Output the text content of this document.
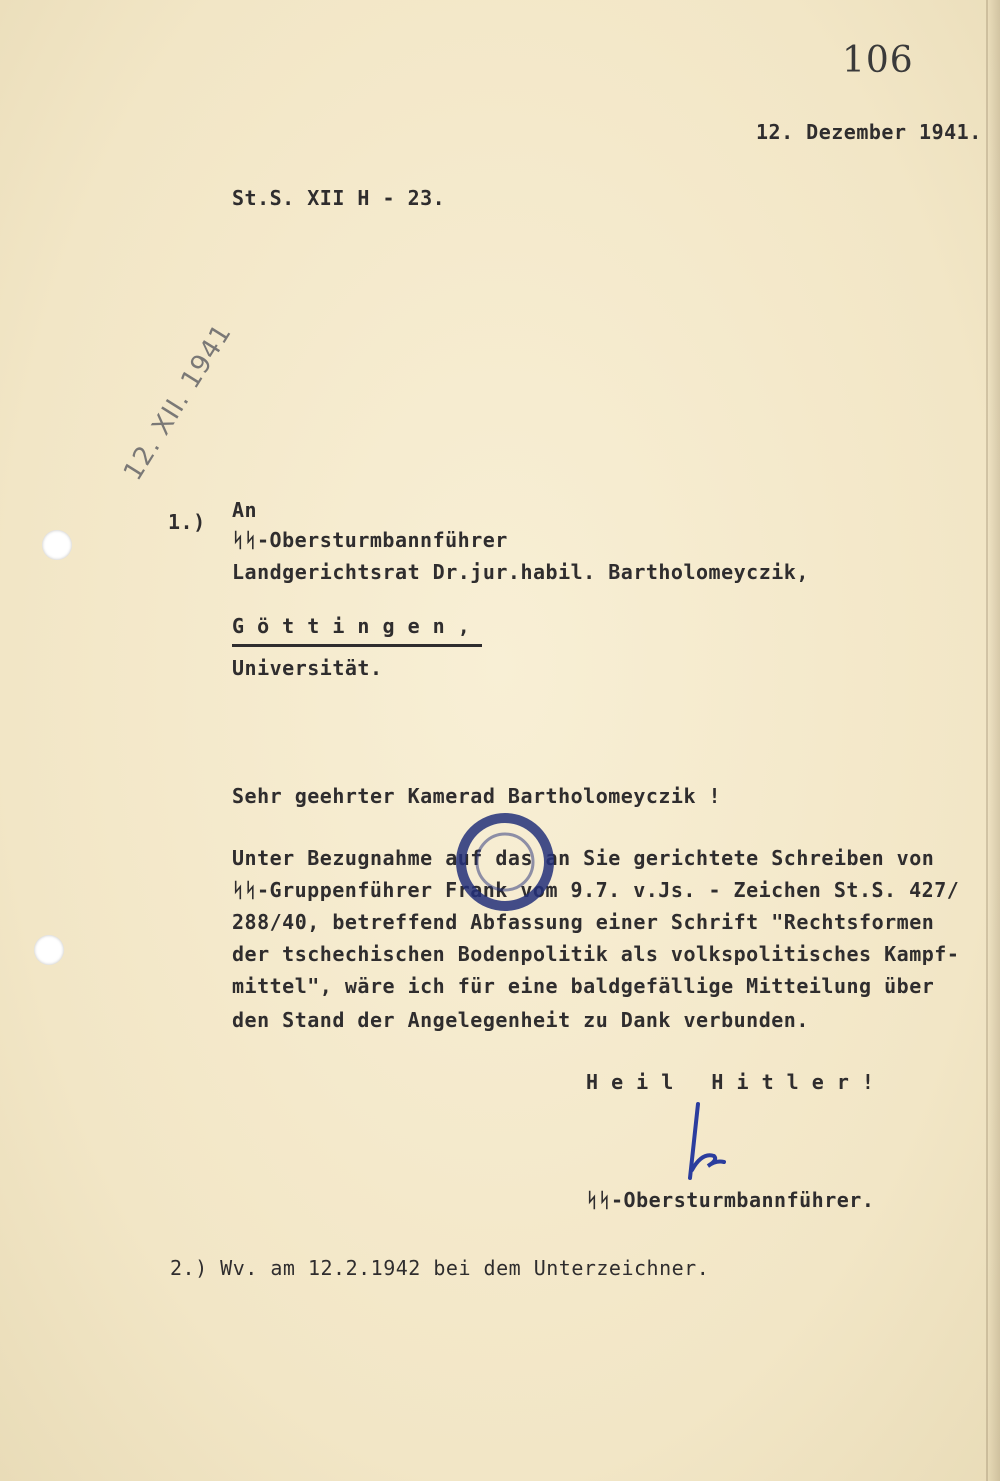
106
12. Dezember 1941.
St.S. XII H - 23.
12. XII. 1941
1.) An
ᛋᛋ-Obersturmbannführer
Landgerichtsrat Dr.jur.habil. Bartholomeyczik,
G ö t t i n g e n ,
Universität.
Sehr geehrter Kamerad Bartholomeyczik !
Unter Bezugnahme auf das an Sie gerichtete Schreiben von
ᛋᛋ-Gruppenführer Frank vom 9.7. v.Js. - Zeichen St.S. 427/
288/40, betreffend Abfassung einer Schrift "Rechtsformen
der tschechischen Bodenpolitik als volkspolitisches Kampf-
mittel", wäre ich für eine baldgefällige Mitteilung über
den Stand der Angelegenheit zu Dank verbunden.
H e i l   H i t l e r !
ᛋᛋ-Obersturmbannführer.
2.) Wv. am 12.2.1942 bei dem Unterzeichner.
